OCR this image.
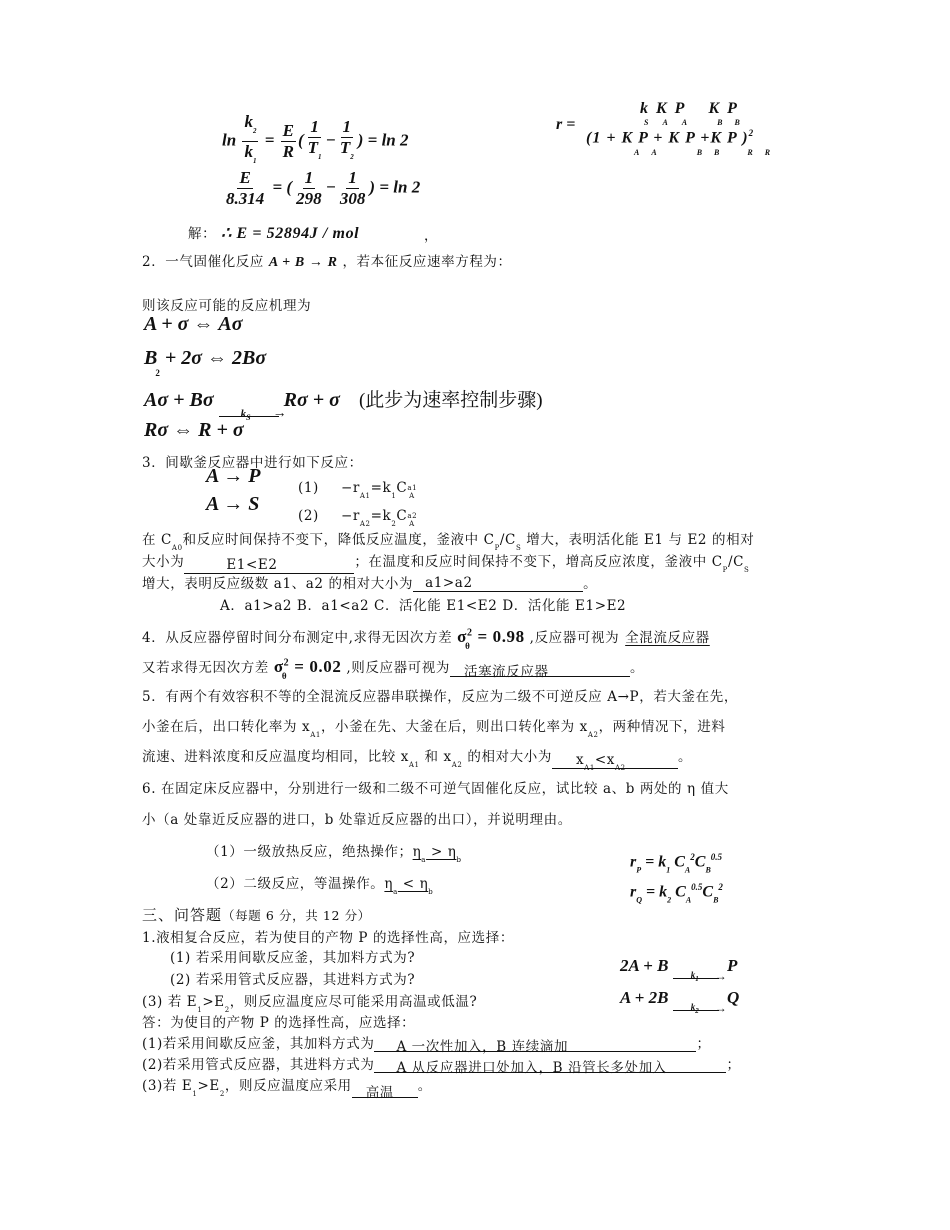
$\ln \frac{k_2}{k_1} = \frac{E}{R}$ ( $\frac{1}{T_1} - \frac{1}{T_2}$ ) = ln 2
$\frac{E}{8.314}$ = ( $\frac{1}{298} - \frac{1}{308}$ ) = ln 2
解： ∴ E = 52894J / mol	，
r =
k K P K P
S A A	B B
(1 + K P + K P +K P )$^2$
A A	B B	R R
2．一气固催化反应 A + B → R ，若本征反应速率方程为：
则该反应可能的反应机理为
A + σ ⇔ Aσ
$B_2 + 2\sigma$ ⇔ 2Bσ
Aσ + Bσ
→
$k_S$
Rσ + σ (此步为速率控制步骤)
Rσ ⇔ R + σ
3．间歇釜反应器中进行如下反应：
A → P
A → S
$(1) -r_{A1}=k_1C^{a1}_A$
$(2) -r_{A2}=k_2C^{a2}_A$
在 $C_{A0}$和反应时间保持不变下，降低反应温度，釜液中 $C_P/C_S$ 增大，表明活化能 E1 与 E2 的相对
大小为	E1<E2	；在温度和反应时间保持不变下，增高反应浓度，釜液中 $C_P/C_S$
增大，表明反应级数 a1、a2 的相对大小为 a1>a2	。
A．a1>a2 B．a1<a2 C．活化能 E1<E2 D．活化能 E1>E2
4．从反应器停留时间分布测定中,求得无因次方差 $\sigma^2$
θ = 0.98 ,反应器可视为 全混流反应器
又若求得无因次方差 $\sigma^2$
θ = 0.02 ,则反应器可视为 活塞流反应器	。
5．有两个有效容积不等的全混流反应器串联操作，反应为二级不可逆反应 A→P，若大釜在先，
小釜在后，出口转化率为 $x_{A1}$，小釜在先、大釜在后，则出口转化率为 $x_{A2}$，两种情况下，进料
流速、进料浓度和反应温度均相同，比较 $x_{A1}$ 和 $x_{A2}$ 的相对大小为 $x_{A1}<x_{A2}$。
6. 在固定床反应器中，分别进行一级和二级不可逆气固催化反应，试比较 a、b 两处的 η 值大
小（a 处靠近反应器的进口，b 处靠近反应器的出口），并说明理由。
（1）一级放热反应，绝热操作；$\eta_a > \eta_b$
（2）二级反应，等温操作。$\eta_a < \eta_b$
$r_P = k_1$ $C_A^2C_B^{0.5}$
$r_Q = k_2$ $C_A^{0.5}C_B^2$
三、问答题（每题 6 分，共 12 分）
1.液相复合反应，若为使目的产物 P 的选择性高，应选择：
(1) 若采用间歇反应釜，其加料方式为?
(2) 若采用管式反应器，其进料方式为?
(3) 若 $E_1>E_2$，则反应温度应尽可能采用高温或低温?
答：为使目的产物 P 的选择性高，应选择：
(1)若采用间歇反应釜，其加料方式为 A 一次性加入，B 连续滴加	；
(2)若采用管式反应器，其进料方式为 A 从反应器进口处加入，B 沿管长多处加入	；
(3)若 $E_1>E_2$，则反应温度应采用 高温 。
2A + B
→
$k_1$
P
A + 2B
→
$k_2$
Q
